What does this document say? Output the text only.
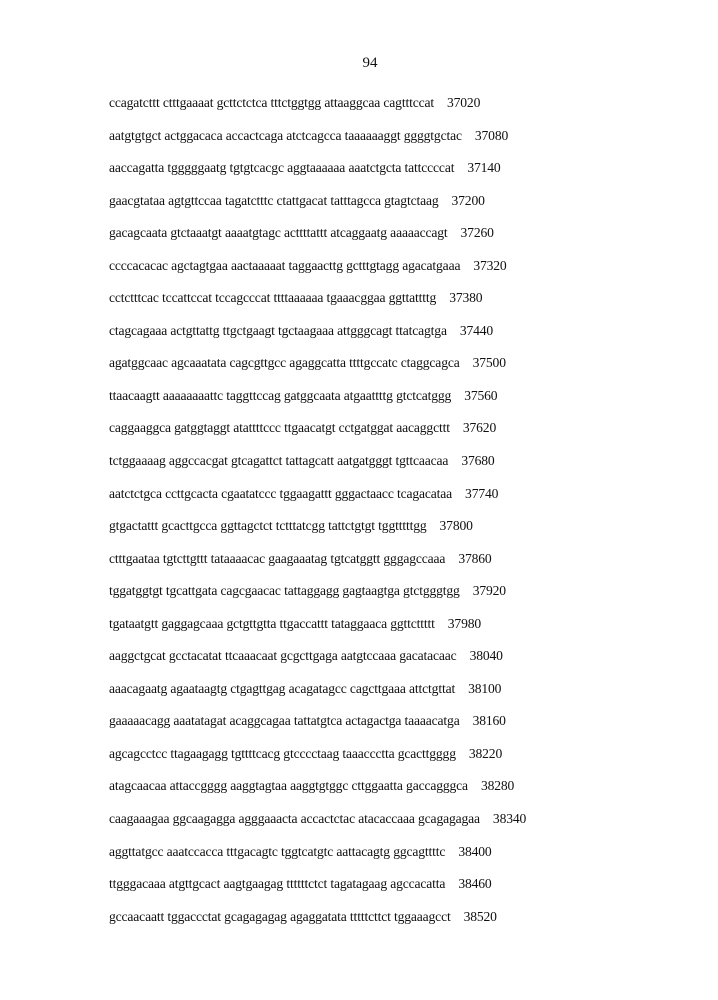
94
ccagatcttt ctttgaaaat gcttctctca tttctggtgg attaaggcaa cagtttccat 37020
aatgtgtgct actggacaca accactcaga atctcagcca taaaaaaggt ggggtgctac 37080
aaccagatta tgggggaatg tgtgtcacgc aggtaaaaaa aaatctgcta tattccccat 37140
gaacgtataa agtgttccaa tagatctttc ctattgacat tatttagcca gtagtctaag 37200
gacagcaata gtctaaatgt aaaatgtagc acttttattt atcaggaatg aaaaaccagt 37260
ccccacacac agctagtgaa aactaaaaat taggaacttg gctttgtagg agacatgaaa 37320
cctctttcac tccattccat tccagcccat ttttaaaaaa tgaaacggaa ggttattttg 37380
ctagcagaaa actgttattg ttgctgaagt tgctaagaaa attgggcagt ttatcagtga 37440
agatggcaac agcaaatata cagcgttgcc agaggcatta ttttgccatc ctaggcagca 37500
ttaacaagtt aaaaaaaattc taggttccag gatggcaata atgaattttg gtctcatggg 37560
caggaaggca gatggtaggt atattttccc ttgaacatgt cctgatggat aacaggcttt 37620
tctggaaaag aggccacgat gtcagattct tattagcatt aatgatgggt tgttcaacaa 37680
aatctctgca ccttgcacta cgaatatccc tggaagattt gggactaacc tcagacataa 37740
gtgactattt gcacttgcca ggttagctct tctttatcgg tattctgtgt tggtttttgg 37800
ctttgaataa tgtcttgttt tataaaacac gaagaaatag tgtcatggtt gggagccaaa 37860
tggatggtgt tgcattgata cagcgaacac tattaggagg gagtaagtga gtctgggtgg 37920
tgataatgtt gaggagcaaa gctgttgtta ttgaccattt tataggaaca ggttcttttt 37980
aaggctgcat gcctacatat ttcaaacaat gcgcttgaga aatgtccaaa gacatacaac 38040
aaacagaatg agaataagtg ctgagttgag acagatagcc cagcttgaaa attctgttat 38100
gaaaaacagg aaatatagat acaggcagaa tattatgtca actagactga taaaacatga 38160
agcagcctcc ttagaagagg tgttttcacg gtcccctaag taaaccctta gcacttgggg 38220
atagcaacaa attaccgggg aaggtagtaa aaggtgtggc cttggaatta gaccagggca 38280
caagaaagaa ggcaagagga agggaaacta accactctac atacaccaaa gcagagagaa 38340
aggttatgcc aaatccacca tttgacagtc tggtcatgtc aattacagtg ggcagttttc 38400
ttgggacaaa atgttgcact aagtgaagag ttttttctct tagatagaag agccacatta 38460
gccaacaatt tggaccctat gcagagagag agaggatata tttttcttct tggaaagcct 38520
